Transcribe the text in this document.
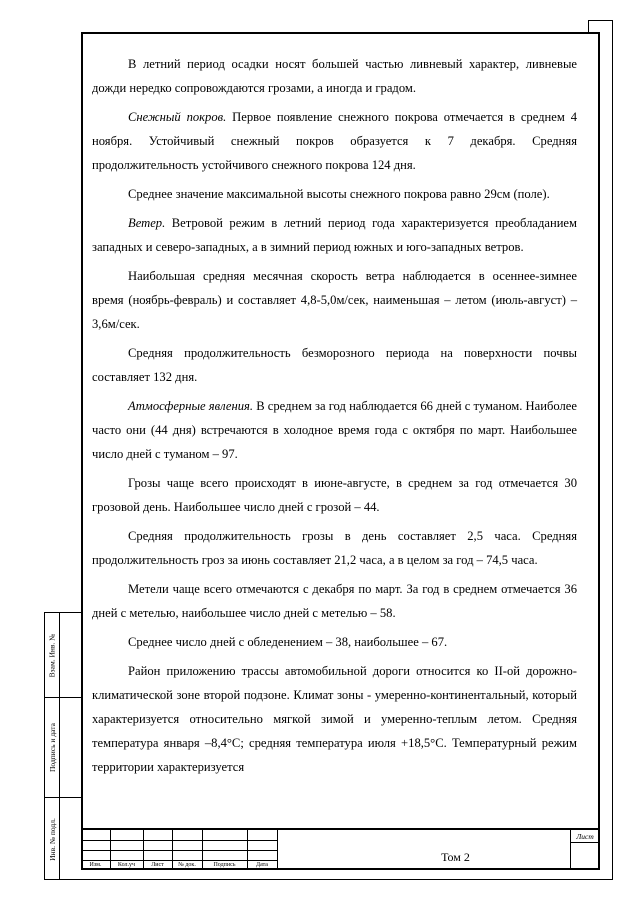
Взам. Инв. №
Подпись и дата
Инв. № подл.

В летний период осадки носят большей частью ливневый характер, ливневые дожди нередко сопровождаются грозами, а иногда и градом.

Снежный покров. Первое появление снежного покрова отмечается в среднем 4 ноября. Устойчивый снежный покров образуется к 7 декабря. Средняя продолжительность устойчивого снежного покрова 124 дня.

Среднее значение максимальной высоты снежного покрова равно 29см (поле).

Ветер. Ветровой режим в летний период года характеризуется преобладанием западных и северо-западных, а в зимний период южных и юго-западных ветров.

Наибольшая средняя месячная скорость ветра наблюдается в осеннее-зимнее время (ноябрь-февраль) и составляет 4,8-5,0м/сек, наименьшая – летом (июль-август) – 3,6м/сек.

Средняя продолжительность безморозного периода на поверхности почвы составляет 132 дня.

Атмосферные явления. В среднем за год наблюдается 66 дней с туманом. Наиболее часто они (44 дня) встречаются в холодное время года с октября по март. Наибольшее число дней с туманом – 97.

Грозы чаще всего происходят в июне-августе, в среднем за год отмечается 30 грозовой день. Наибольшее число дней с грозой – 44.

Средняя продолжительность грозы в день составляет 2,5 часа. Средняя продолжительность гроз за июнь составляет 21,2 часа, а в целом за год – 74,5 часа.

Метели чаще всего отмечаются с декабря по март. За год в среднем отмечается 36 дней с метелью, наибольшее число дней с метелью – 58.

Среднее число дней с обледенением – 38, наибольшее – 67.

Район приложению трассы автомобильной дороги относится ко II-ой дорожно-климатической зоне второй подзоне. Климат зоны - умеренно-континентальный, который характеризуется относительно мягкой зимой и умеренно-теплым летом. Средняя температура января –8,4°С; средняя температура июля +18,5°С. Температурный режим территории характеризуется

Изм.	Кол.уч	Лист	№ док.	Подпись	Дата
Лист
Том 2
